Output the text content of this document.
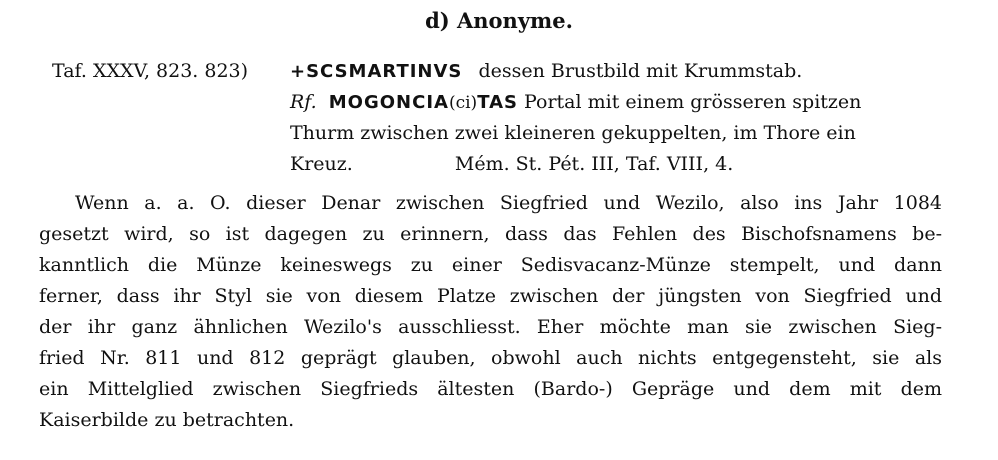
d) Anonyme.
Taf. XXXV, 823. 823) +SCSMARTINVS dessen Brustbild mit Krummstab.
Rf. MOGONCIA(ci)TAS Portal mit einem grösseren spitzen
Thurm zwischen zwei kleineren gekuppelten, im Thore ein
Kreuz.	Mém. St. Pét. III, Taf. VIII, 4.
Wenn a. a. O. dieser Denar zwischen Siegfried und Wezilo, also ins Jahr 1084
gesetzt wird, so ist dagegen zu erinnern, dass das Fehlen des Bischofsnamens be-
kanntlich die Münze keineswegs zu einer Sedisvacanz-Münze stempelt, und dann
ferner, dass ihr Styl sie von diesem Platze zwischen der jüngsten von Siegfried und
der ihr ganz ähnlichen Wezilo's ausschliesst. Eher möchte man sie zwischen Sieg-
fried Nr. 811 und 812 geprägt glauben, obwohl auch nichts entgegensteht, sie als
ein Mittelglied zwischen Siegfrieds ältesten (Bardo-) Gepräge und dem mit dem
Kaiserbilde zu betrachten.
